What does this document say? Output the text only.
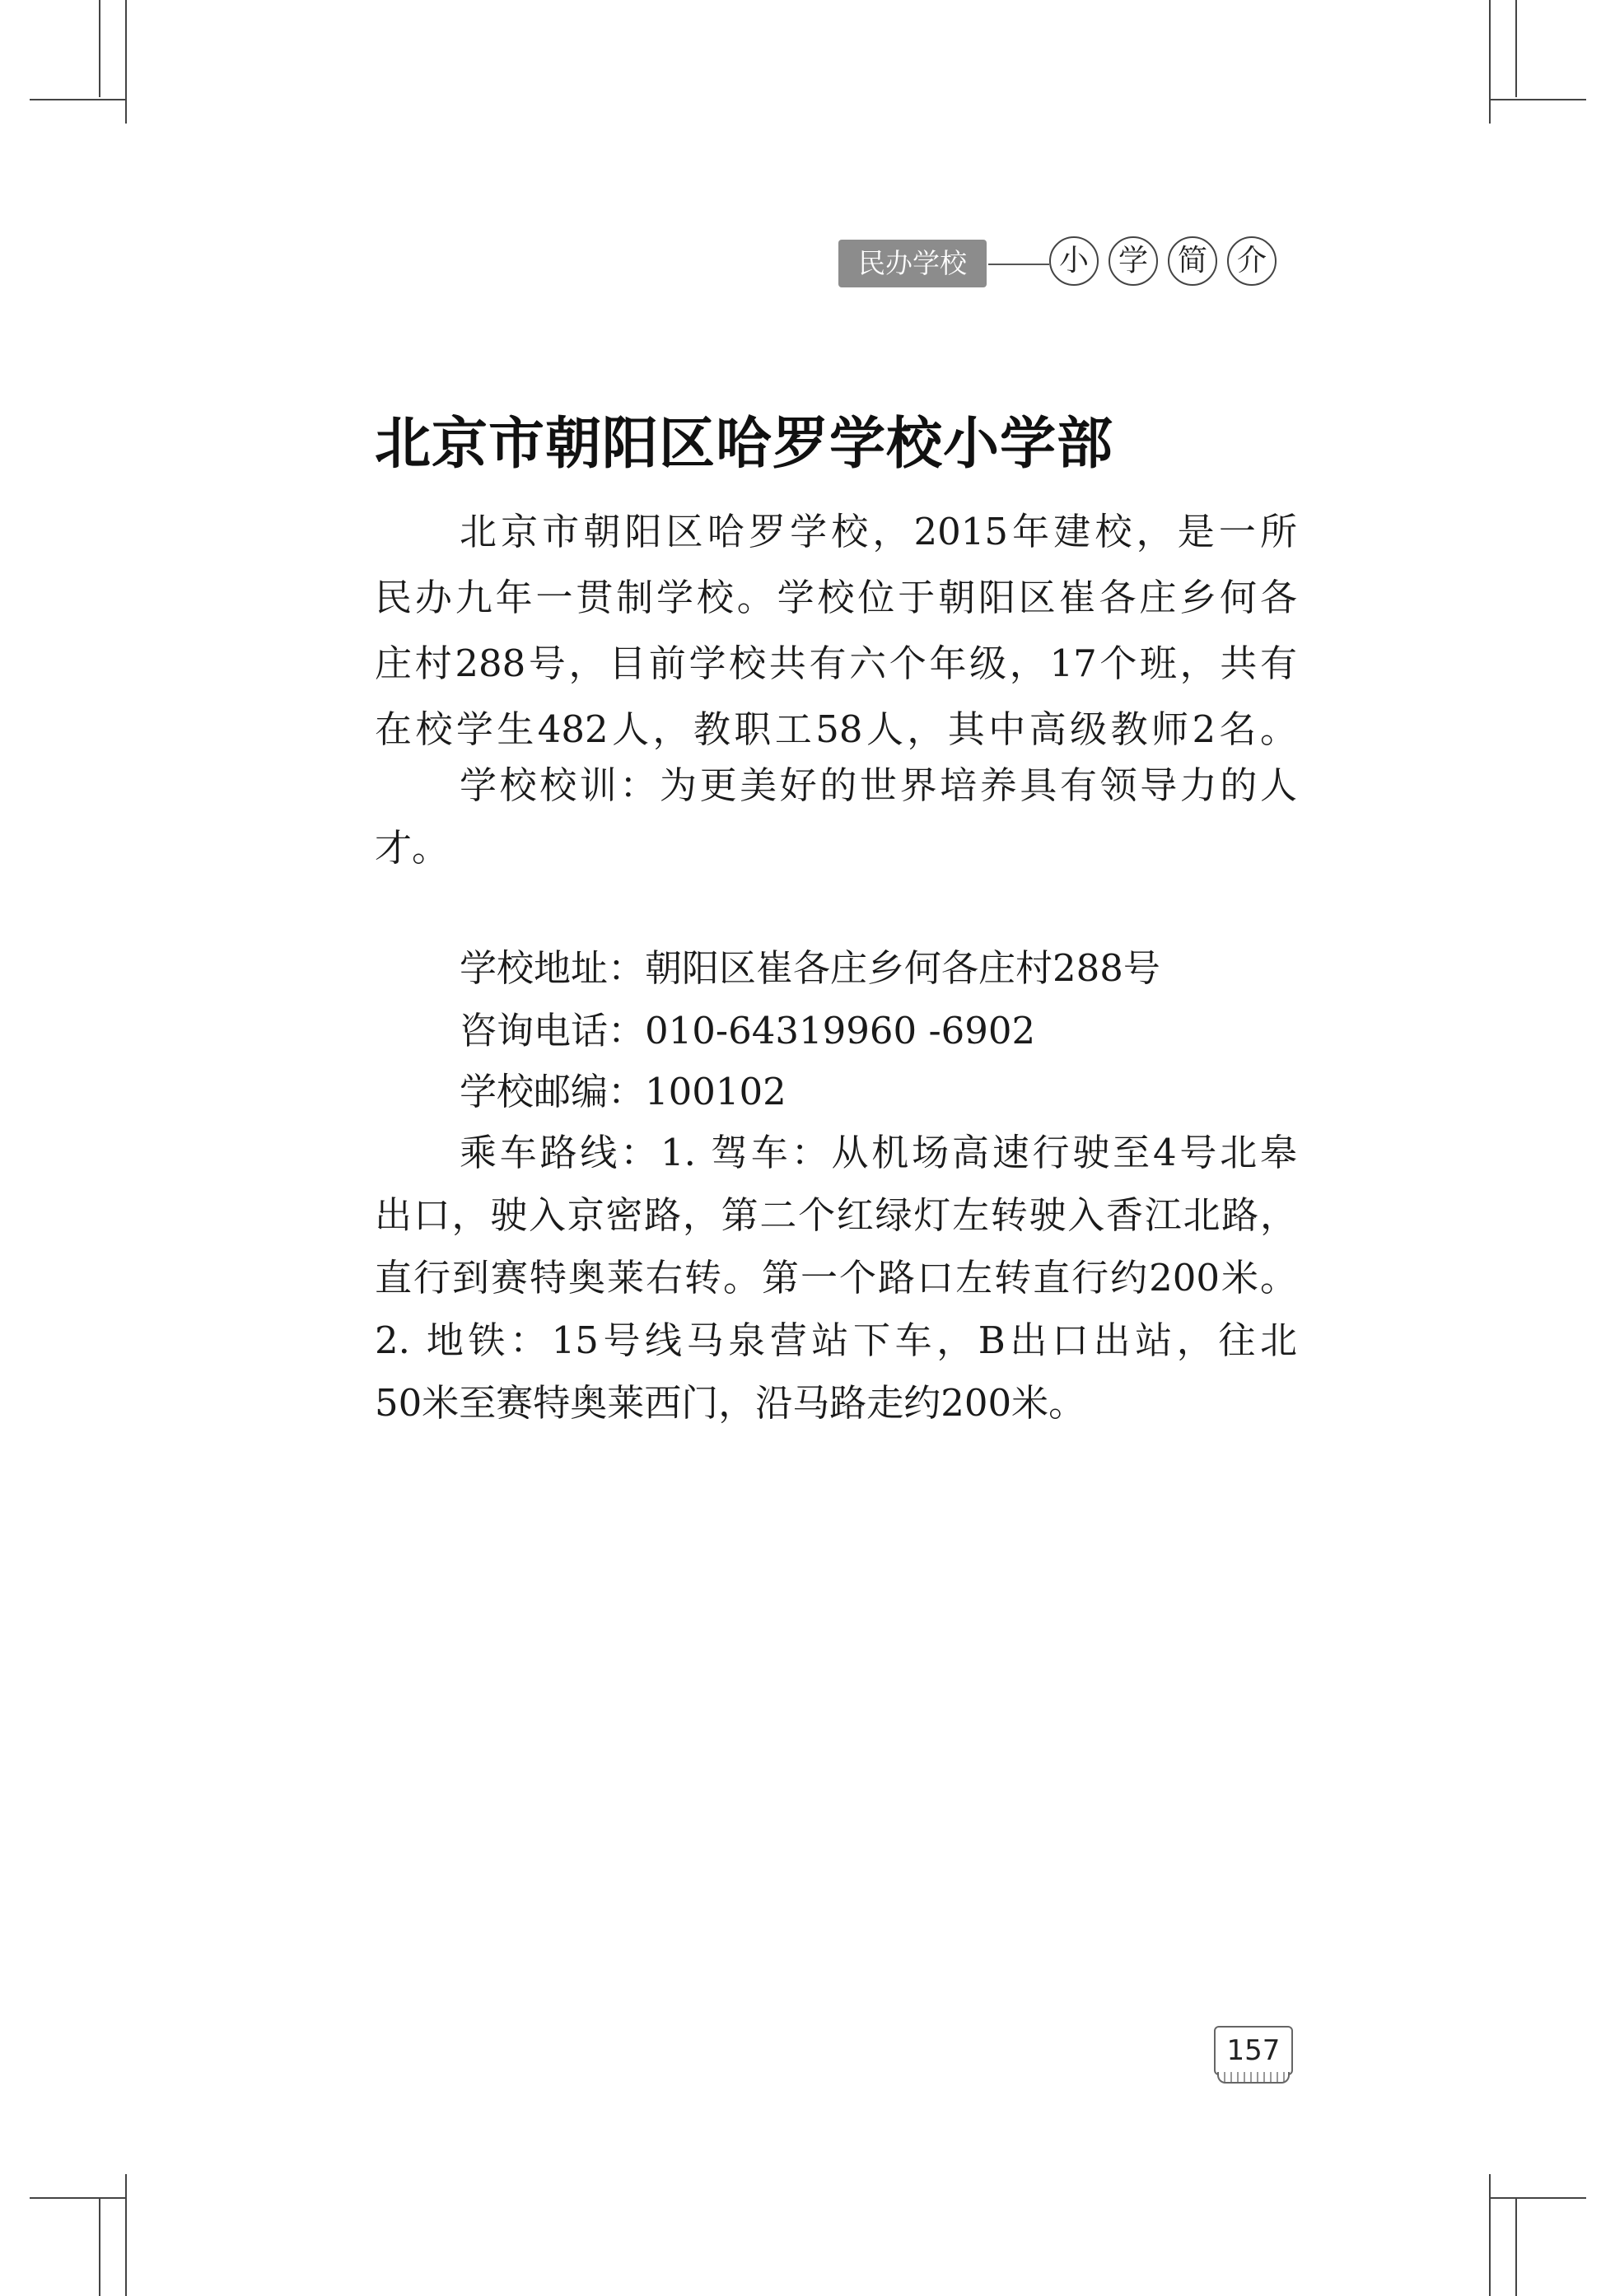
民办学校	小 学 简 介
北京市朝阳区哈罗学校小学部
北京市朝阳区哈罗学校，2015年建校，是一所
民办九年一贯制学校。学校位于朝阳区崔各庄乡何各
庄村288号，目前学校共有六个年级，17个班，共有
在校学生482人，教职工58人，其中高级教师2名。
学校校训：为更美好的世界培养具有领导力的人
才。
学校地址：朝阳区崔各庄乡何各庄村288号
咨询电话：010-64319960 -6902
学校邮编：100102
乘车路线：1. 驾车：从机场高速行驶至4号北皋
出口，驶入京密路，第二个红绿灯左转驶入香江北路，
直行到赛特奥莱右转。第一个路口左转直行约200米。
2. 地铁：15号线马泉营站下车，B出口出站，往北
50米至赛特奥莱西门，沿马路走约200米。
157
